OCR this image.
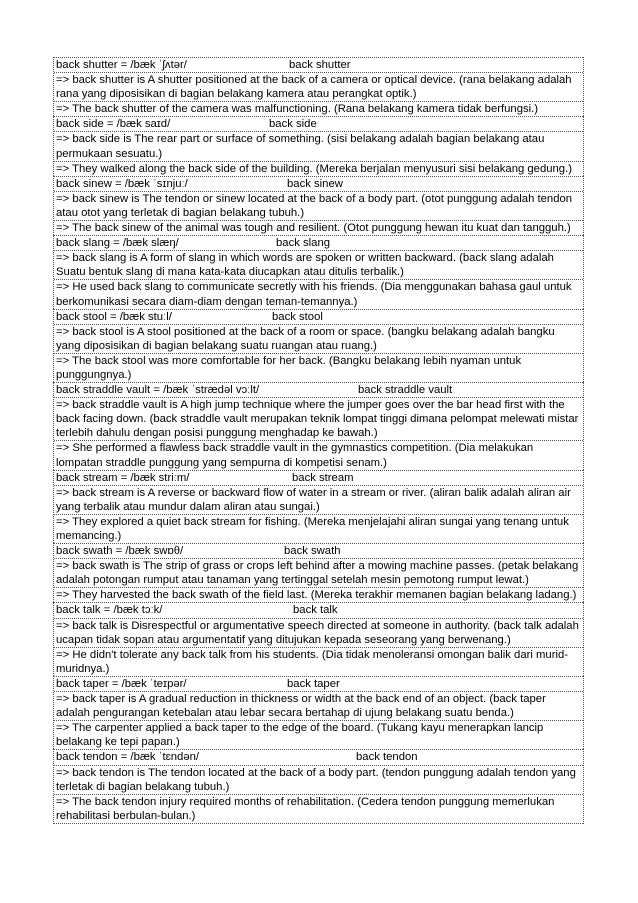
back shutter = /bæk ˈʃʌtər/	back shutter
=> back shutter is A shutter positioned at the back of a camera or optical device. (rana belakang adalah rana yang diposisikan di bagian belakang kamera atau perangkat optik.)
=> The back shutter of the camera was malfunctioning. (Rana belakang kamera tidak berfungsi.)
back side = /bæk saɪd/	back side
=> back side is The rear part or surface of something. (sisi belakang adalah bagian belakang atau permukaan sesuatu.)
=> They walked along the back side of the building. (Mereka berjalan menyusuri sisi belakang gedung.)
back sinew = /bæk ˈsɪnjuː/	back sinew
=> back sinew is The tendon or sinew located at the back of a body part. (otot punggung adalah tendon atau otot yang terletak di bagian belakang tubuh.)
=> The back sinew of the animal was tough and resilient. (Otot punggung hewan itu kuat dan tangguh.)
back slang = /bæk slæŋ/	back slang
=> back slang is A form of slang in which words are spoken or written backward. (back slang adalah Suatu bentuk slang di mana kata-kata diucapkan atau ditulis terbalik.)
=> He used back slang to communicate secretly with his friends. (Dia menggunakan bahasa gaul untuk berkomunikasi secara diam-diam dengan teman-temannya.)
back stool = /bæk stuːl/	back stool
=> back stool is A stool positioned at the back of a room or space. (bangku belakang adalah bangku yang diposisikan di bagian belakang suatu ruangan atau ruang.)
=> The back stool was more comfortable for her back. (Bangku belakang lebih nyaman untuk punggungnya.)
back straddle vault = /bæk ˈstrædəl vɔːlt/	back straddle vault
=> back straddle vault is A high jump technique where the jumper goes over the bar head first with the back facing down. (back straddle vault merupakan teknik lompat tinggi dimana pelompat melewati mistar terlebih dahulu dengan posisi punggung menghadap ke bawah.)
=> She performed a flawless back straddle vault in the gymnastics competition. (Dia melakukan lompatan straddle punggung yang sempurna di kompetisi senam.)
back stream = /bæk striːm/	back stream
=> back stream is A reverse or backward flow of water in a stream or river. (aliran balik adalah aliran air yang terbalik atau mundur dalam aliran atau sungai.)
=> They explored a quiet back stream for fishing. (Mereka menjelajahi aliran sungai yang tenang untuk memancing.)
back swath = /bæk swɒθ/	back swath
=> back swath is The strip of grass or crops left behind after a mowing machine passes. (petak belakang adalah potongan rumput atau tanaman yang tertinggal setelah mesin pemotong rumput lewat.)
=> They harvested the back swath of the field last. (Mereka terakhir memanen bagian belakang ladang.)
back talk = /bæk tɔːk/	back talk
=> back talk is Disrespectful or argumentative speech directed at someone in authority. (back talk adalah ucapan tidak sopan atau argumentatif yang ditujukan kepada seseorang yang berwenang.)
=> He didn't tolerate any back talk from his students. (Dia tidak menoleransi omongan balik dari murid-muridnya.)
back taper = /bæk ˈteɪpər/	back taper
=> back taper is A gradual reduction in thickness or width at the back end of an object. (back taper adalah pengurangan ketebalan atau lebar secara bertahap di ujung belakang suatu benda.)
=> The carpenter applied a back taper to the edge of the board. (Tukang kayu menerapkan lancip belakang ke tepi papan.)
back tendon = /bæk ˈtɛndən/	back tendon
=> back tendon is The tendon located at the back of a body part. (tendon punggung adalah tendon yang terletak di bagian belakang tubuh.)
=> The back tendon injury required months of rehabilitation. (Cedera tendon punggung memerlukan rehabilitasi berbulan-bulan.)
